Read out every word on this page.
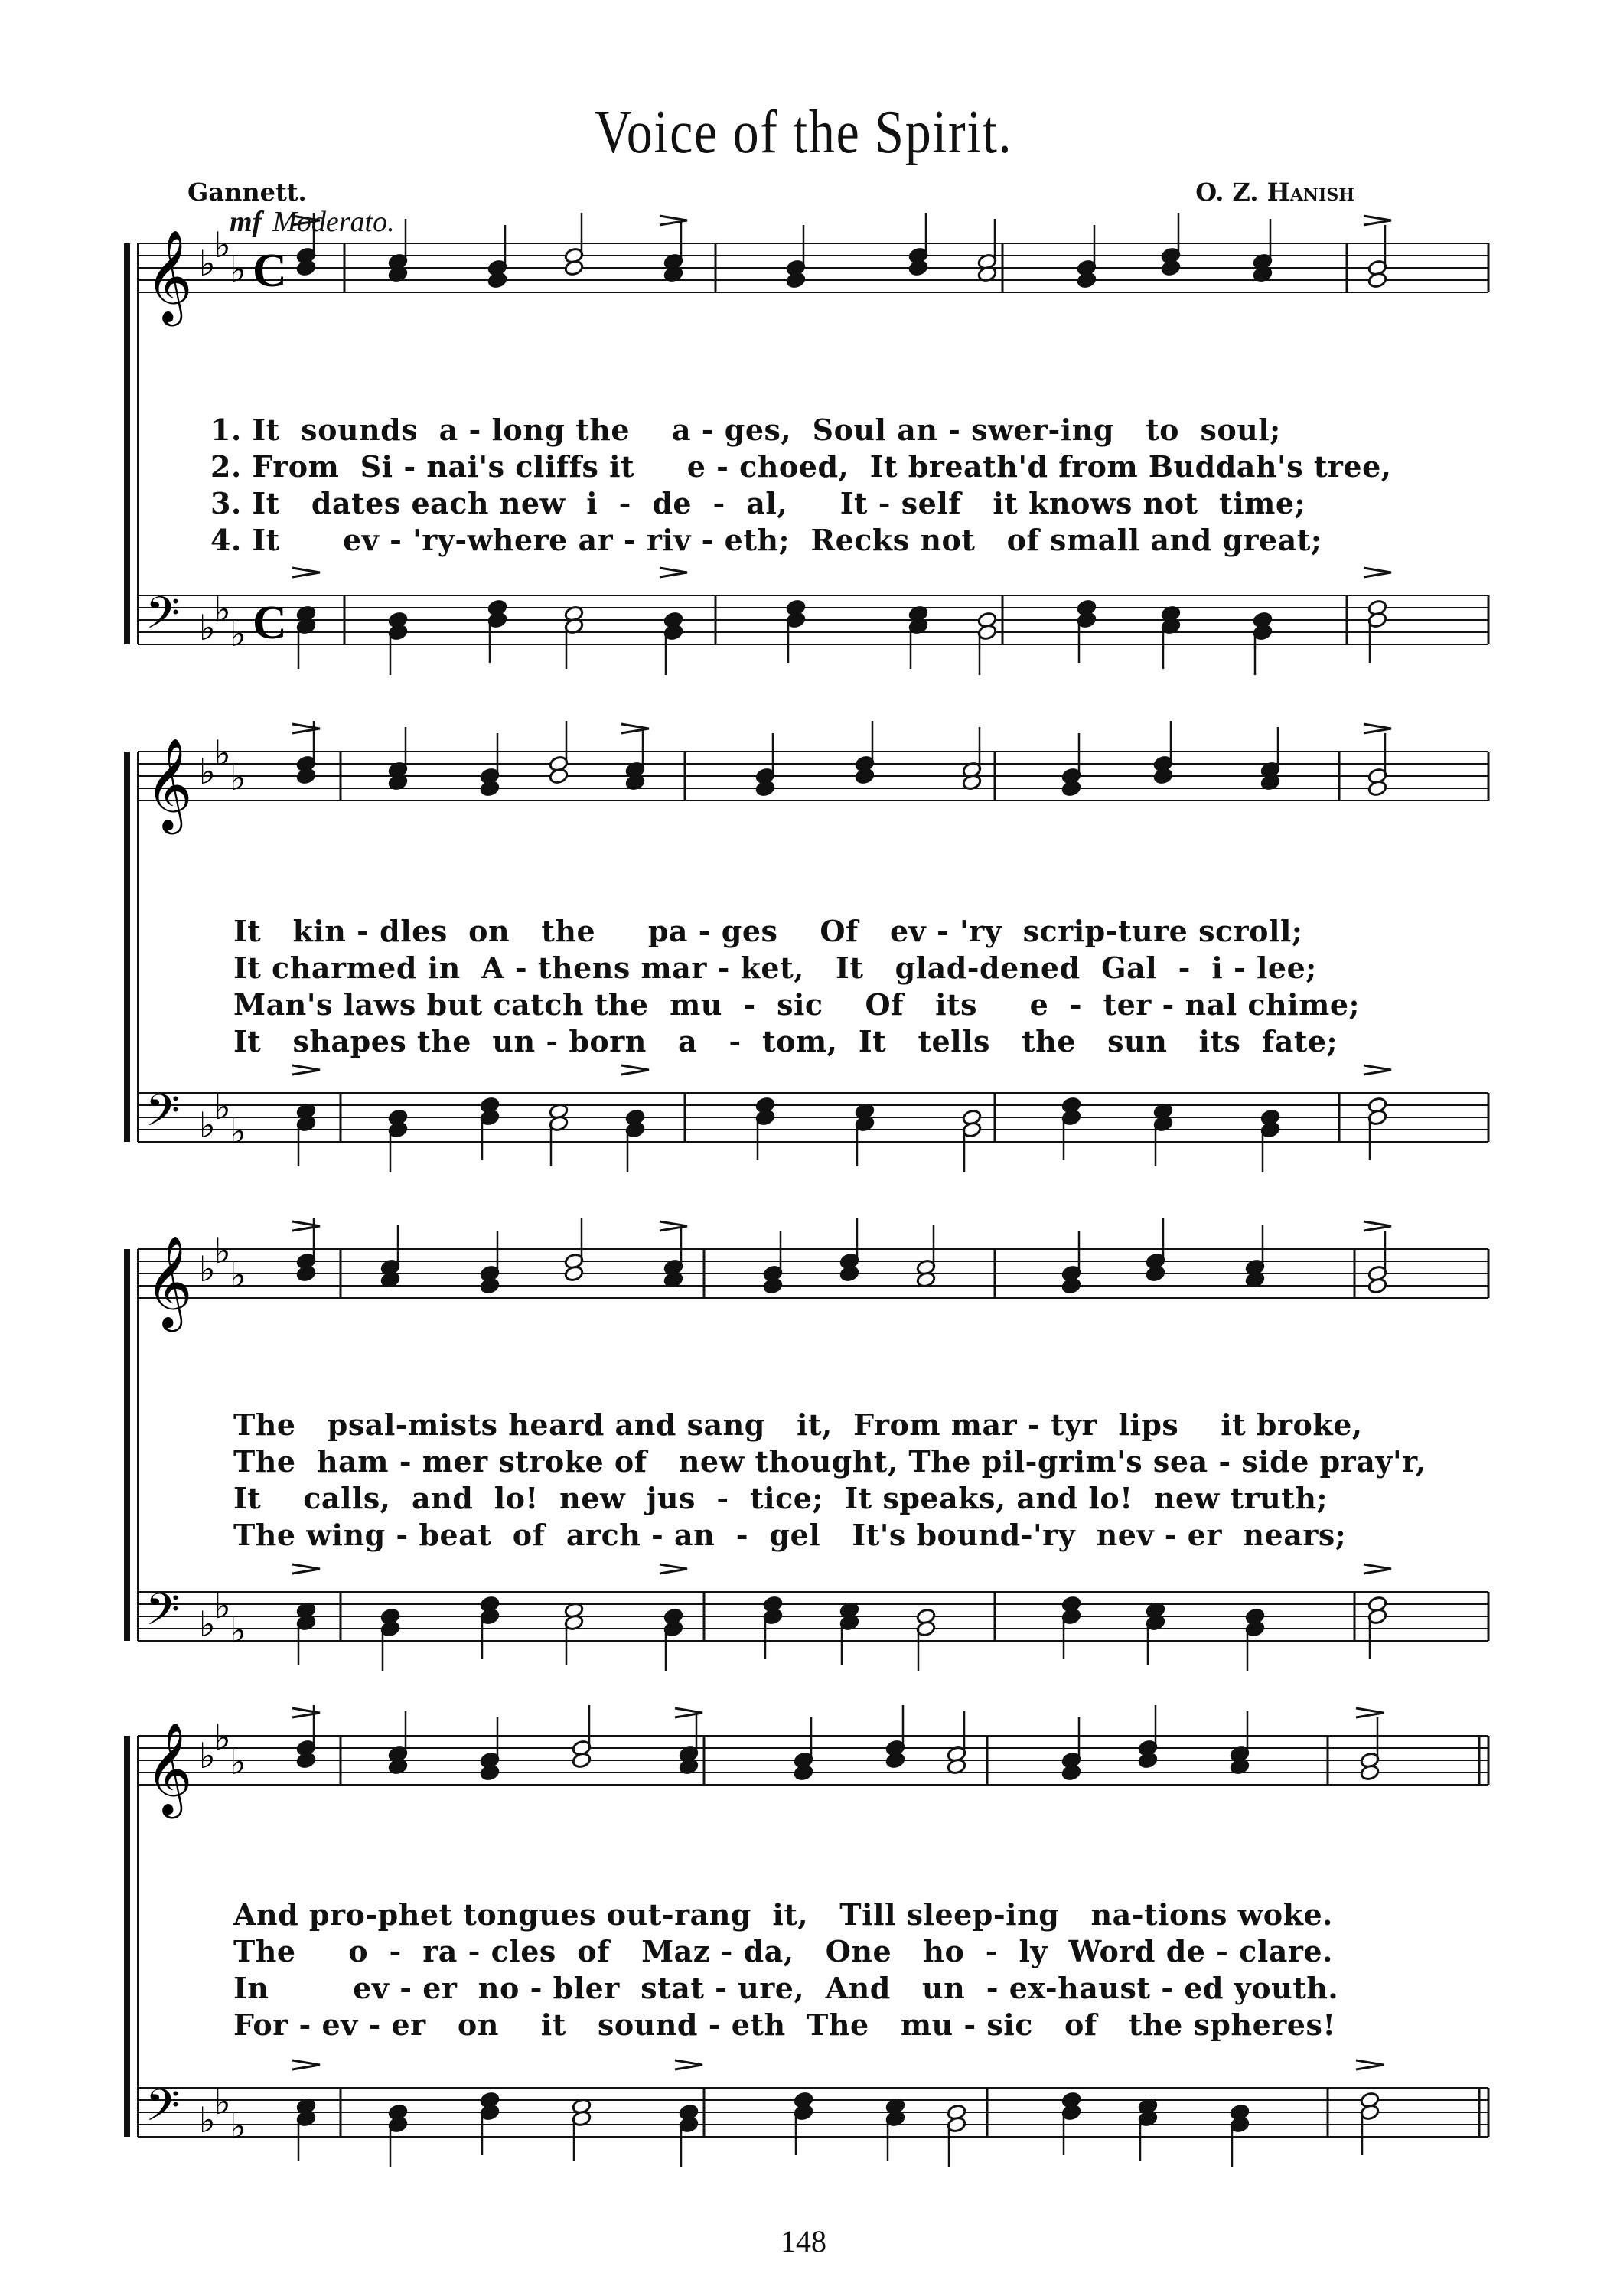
Voice of the Spirit.
Gannett.	O. Z. Hanish
mf Moderato.
𝄞 ♭
♭
♭ C
𝄢 ♭
♭
♭ C
𝄞 ♭
♭
♭
𝄢 ♭
♭
♭
𝄞 ♭
♭
♭
𝄢 ♭
♭
♭
𝄞 ♭
♭
♭
𝄢 ♭
♭
♭
1. It  sounds  a - long the    a - ges,  Soul an - swer-ing   to  soul;
2. From  Si - nai's cliffs it     e - choed,  It breath'd from Buddah's tree,
3. It   dates each new  i  -  de  -  al,     It - self   it knows not  time;
4. It      ev - 'ry-where ar - riv - eth;  Recks not   of small and great;
It   kin - dles  on   the     pa - ges    Of   ev - 'ry  scrip-ture scroll;
It charmed in  A - thens mar - ket,   It   glad-dened  Gal  -  i - lee;
Man's laws but catch the  mu  -  sic    Of   its     e  -  ter - nal chime;
It   shapes the  un - born   a   -  tom,  It   tells   the   sun   its  fate;
The   psal-mists heard and sang   it,  From mar - tyr  lips    it broke,
The  ham - mer stroke of   new thought, The pil-grim's sea - side pray'r,
It    calls,  and  lo!  new  jus  -  tice;  It speaks, and lo!  new truth;
The wing - beat  of  arch - an  -  gel   It's bound-'ry  nev - er  nears;
And pro-phet tongues out-rang  it,   Till sleep-ing   na-tions woke.
The     o  -  ra - cles  of   Maz - da,   One   ho  -  ly  Word de - clare.
In        ev - er  no - bler  stat - ure,  And   un  - ex-haust - ed youth.
For - ev - er   on    it   sound - eth  The   mu - sic   of   the spheres!
148
